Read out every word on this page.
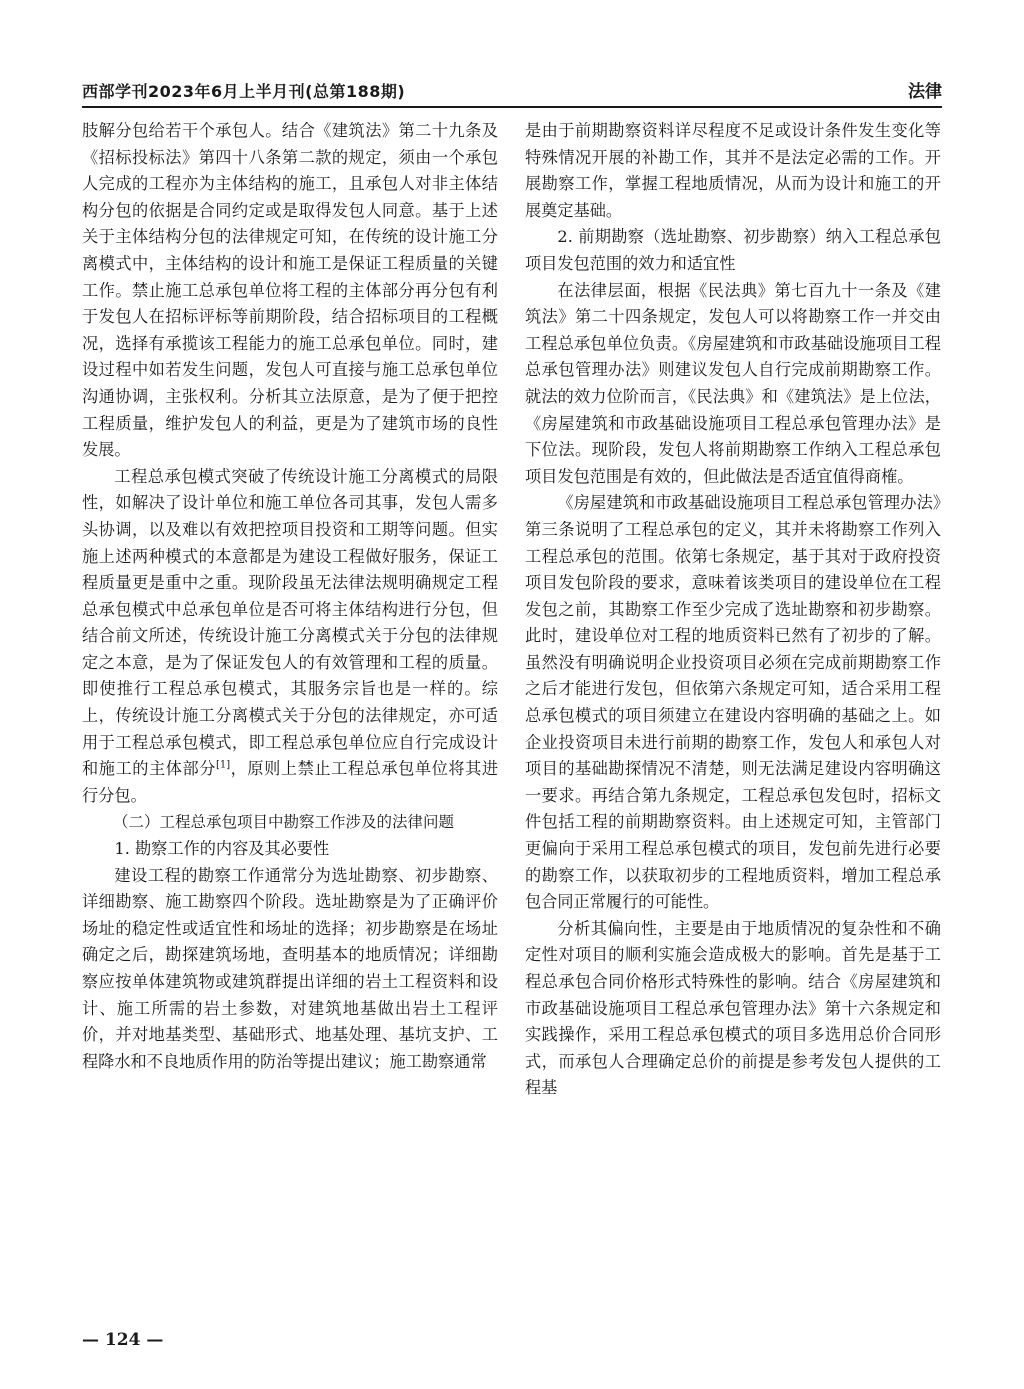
西部学刊2023年6月上半月刊(总第188期)	法律

肢解分包给若干个承包人。结合《建筑法》第二十九条及《招标投标法》第四十八条第二款的规定，须由一个承包人完成的工程亦为主体结构的施工，且承包人对非主体结构分包的依据是合同约定或是取得发包人同意。基于上述关于主体结构分包的法律规定可知，在传统的设计施工分离模式中，主体结构的设计和施工是保证工程质量的关键工作。禁止施工总承包单位将工程的主体部分再分包有利于发包人在招标评标等前期阶段，结合招标项目的工程概况，选择有承揽该工程能力的施工总承包单位。同时，建设过程中如若发生问题，发包人可直接与施工总承包单位沟通协调，主张权利。分析其立法原意，是为了便于把控工程质量，维护发包人的利益，更是为了建筑市场的良性发展。

工程总承包模式突破了传统设计施工分离模式的局限性，如解决了设计单位和施工单位各司其事，发包人需多头协调，以及难以有效把控项目投资和工期等问题。但实施上述两种模式的本意都是为建设工程做好服务，保证工程质量更是重中之重。现阶段虽无法律法规明确规定工程总承包模式中总承包单位是否可将主体结构进行分包，但结合前文所述，传统设计施工分离模式关于分包的法律规定之本意，是为了保证发包人的有效管理和工程的质量。即使推行工程总承包模式，其服务宗旨也是一样的。综上，传统设计施工分离模式关于分包的法律规定，亦可适用于工程总承包模式，即工程总承包单位应自行完成设计和施工的主体部分[1]，原则上禁止工程总承包单位将其进行分包。

（二）工程总承包项目中勘察工作涉及的法律问题

1. 勘察工作的内容及其必要性

建设工程的勘察工作通常分为选址勘察、初步勘察、详细勘察、施工勘察四个阶段。选址勘察是为了正确评价场址的稳定性或适宜性和场址的选择；初步勘察是在场址确定之后，勘探建筑场地，查明基本的地质情况；详细勘察应按单体建筑物或建筑群提出详细的岩土工程资料和设计、施工所需的岩土参数，对建筑地基做出岩土工程评价，并对地基类型、基础形式、地基处理、基坑支护、工程降水和不良地质作用的防治等提出建议；施工勘察通常

是由于前期勘察资料详尽程度不足或设计条件发生变化等特殊情况开展的补勘工作，其并不是法定必需的工作。开展勘察工作，掌握工程地质情况，从而为设计和施工的开展奠定基础。

2. 前期勘察（选址勘察、初步勘察）纳入工程总承包项目发包范围的效力和适宜性

在法律层面，根据《民法典》第七百九十一条及《建筑法》第二十四条规定，发包人可以将勘察工作一并交由工程总承包单位负责。《房屋建筑和市政基础设施项目工程总承包管理办法》则建议发包人自行完成前期勘察工作。就法的效力位阶而言，《民法典》和《建筑法》是上位法，《房屋建筑和市政基础设施项目工程总承包管理办法》是下位法。现阶段，发包人将前期勘察工作纳入工程总承包项目发包范围是有效的，但此做法是否适宜值得商榷。

《房屋建筑和市政基础设施项目工程总承包管理办法》第三条说明了工程总承包的定义，其并未将勘察工作列入工程总承包的范围。依第七条规定，基于其对于政府投资项目发包阶段的要求，意味着该类项目的建设单位在工程发包之前，其勘察工作至少完成了选址勘察和初步勘察。此时，建设单位对工程的地质资料已然有了初步的了解。虽然没有明确说明企业投资项目必须在完成前期勘察工作之后才能进行发包，但依第六条规定可知，适合采用工程总承包模式的项目须建立在建设内容明确的基础之上。如企业投资项目未进行前期的勘察工作，发包人和承包人对项目的基础勘探情况不清楚，则无法满足建设内容明确这一要求。再结合第九条规定，工程总承包发包时，招标文件包括工程的前期勘察资料。由上述规定可知，主管部门更偏向于采用工程总承包模式的项目，发包前先进行必要的勘察工作，以获取初步的工程地质资料，增加工程总承包合同正常履行的可能性。

分析其偏向性，主要是由于地质情况的复杂性和不确定性对项目的顺利实施会造成极大的影响。首先是基于工程总承包合同价格形式特殊性的影响。结合《房屋建筑和市政基础设施项目工程总承包管理办法》第十六条规定和实践操作，采用工程总承包模式的项目多选用总价合同形式，而承包人合理确定总价的前提是参考发包人提供的工程基

— 124 —
